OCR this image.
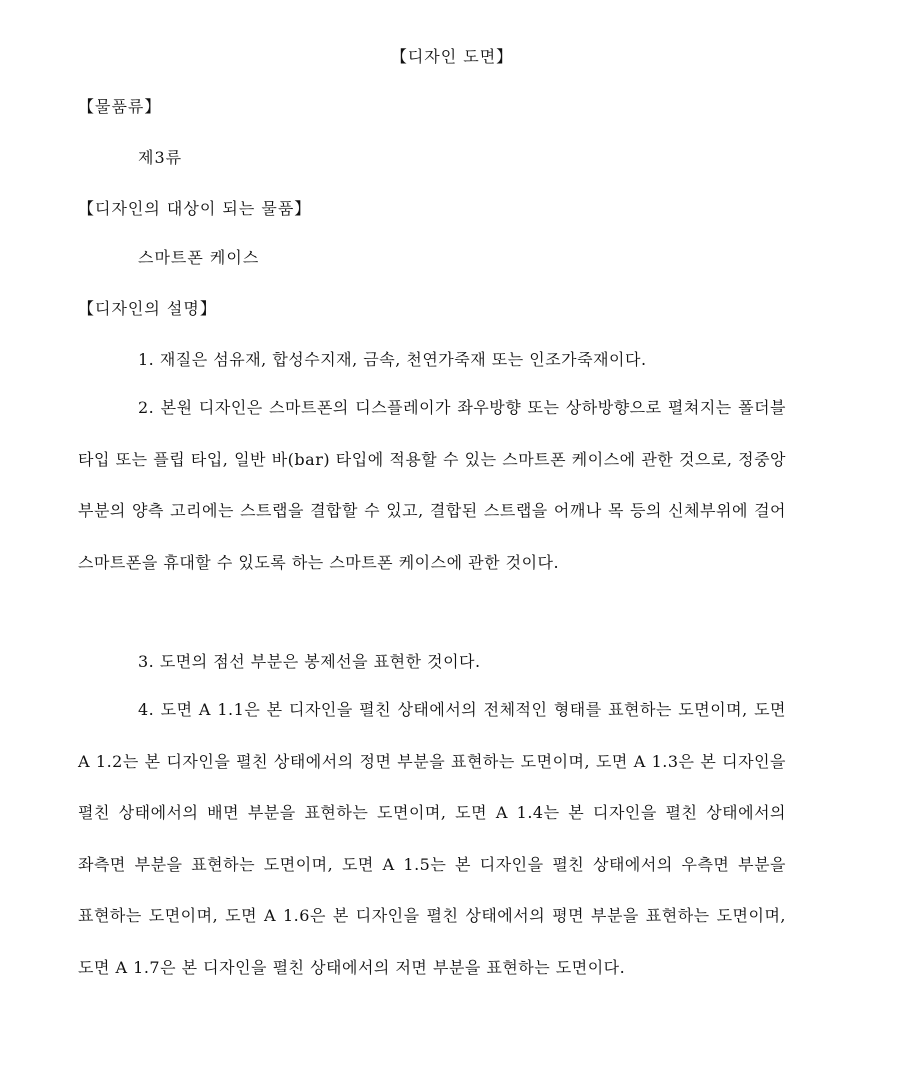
【디자인 도면】
【물품류】
제3류
【디자인의 대상이 되는 물품】
스마트폰 케이스
【디자인의 설명】

1. 재질은 섬유재, 합성수지재, 금속, 천연가죽재 또는 인조가죽재이다.

2. 본원 디자인은 스마트폰의 디스플레이가 좌우방향 또는 상하방향으로 펼쳐지는 폴더블 타입 또는 플립 타입, 일반 바(bar) 타입에 적용할 수 있는 스마트폰 케이스에 관한 것으로, 정중앙 부분의 양측 고리에는 스트랩을 결합할 수 있고, 결합된 스트랩을 어깨나 목 등의 신체부위에 걸어 스마트폰을 휴대할 수 있도록 하는 스마트폰 케이스에 관한 것이다.

3. 도면의 점선 부분은 봉제선을 표현한 것이다.

4. 도면 A 1.1은 본 디자인을 펼친 상태에서의 전체적인 형태를 표현하는 도면이며, 도면 A 1.2는 본 디자인을 펼친 상태에서의 정면 부분을 표현하는 도면이며, 도면 A 1.3은 본 디자인을 펼친 상태에서의 배면 부분을 표현하는 도면이며, 도면 A 1.4는 본 디자인을 펼친 상태에서의 좌측면 부분을 표현하는 도면이며, 도면 A 1.5는 본 디자인을 펼친 상태에서의 우측면 부분을 표현하는 도면이며, 도면 A 1.6은 본 디자인을 펼친 상태에서의 평면 부분을 표현하는 도면이며, 도면 A 1.7은 본 디자인을 펼친 상태에서의 저면 부분을 표현하는 도면이다.
